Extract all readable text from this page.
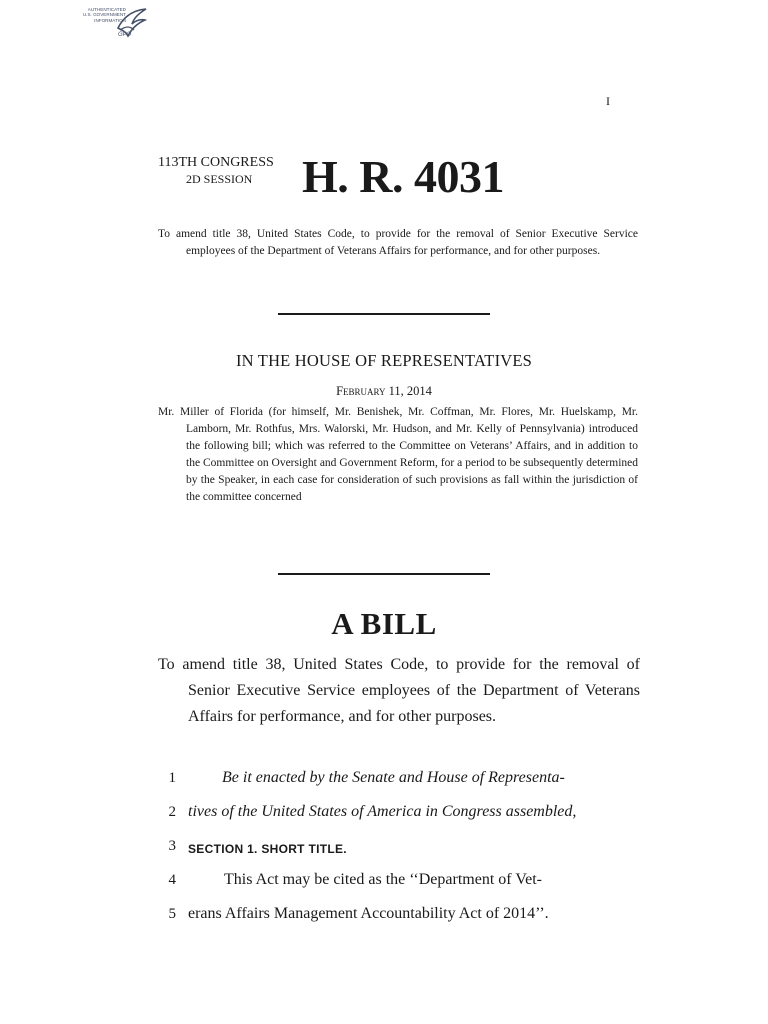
AUTHENTICATED
U.S. GOVERNMENT
INFORMATION
GPO
I
113TH CONGRESS
2D SESSION H. R. 4031
To amend title 38, United States Code, to provide for the removal of Senior Executive Service employees of the Department of Veterans Affairs for performance, and for other purposes.
IN THE HOUSE OF REPRESENTATIVES
February 11, 2014
Mr. Miller of Florida (for himself, Mr. Benishek, Mr. Coffman, Mr. Flores, Mr. Huelskamp, Mr. Lamborn, Mr. Rothfus, Mrs. Walorski, Mr. Hudson, and Mr. Kelly of Pennsylvania) introduced the following bill; which was referred to the Committee on Veterans’ Affairs, and in addition to the Committee on Oversight and Government Reform, for a period to be subsequently determined by the Speaker, in each case for consideration of such provisions as fall within the jurisdiction of the committee concerned
A BILL
To amend title 38, United States Code, to provide for the removal of Senior Executive Service employees of the Department of Veterans Affairs for performance, and for other purposes.
1	Be it enacted by the Senate and House of Representa-
2 tives of the United States of America in Congress assembled,
3 SECTION 1. SHORT TITLE.
4	This Act may be cited as the ‘‘Department of Vet-
5 erans Affairs Management Accountability Act of 2014’’.
